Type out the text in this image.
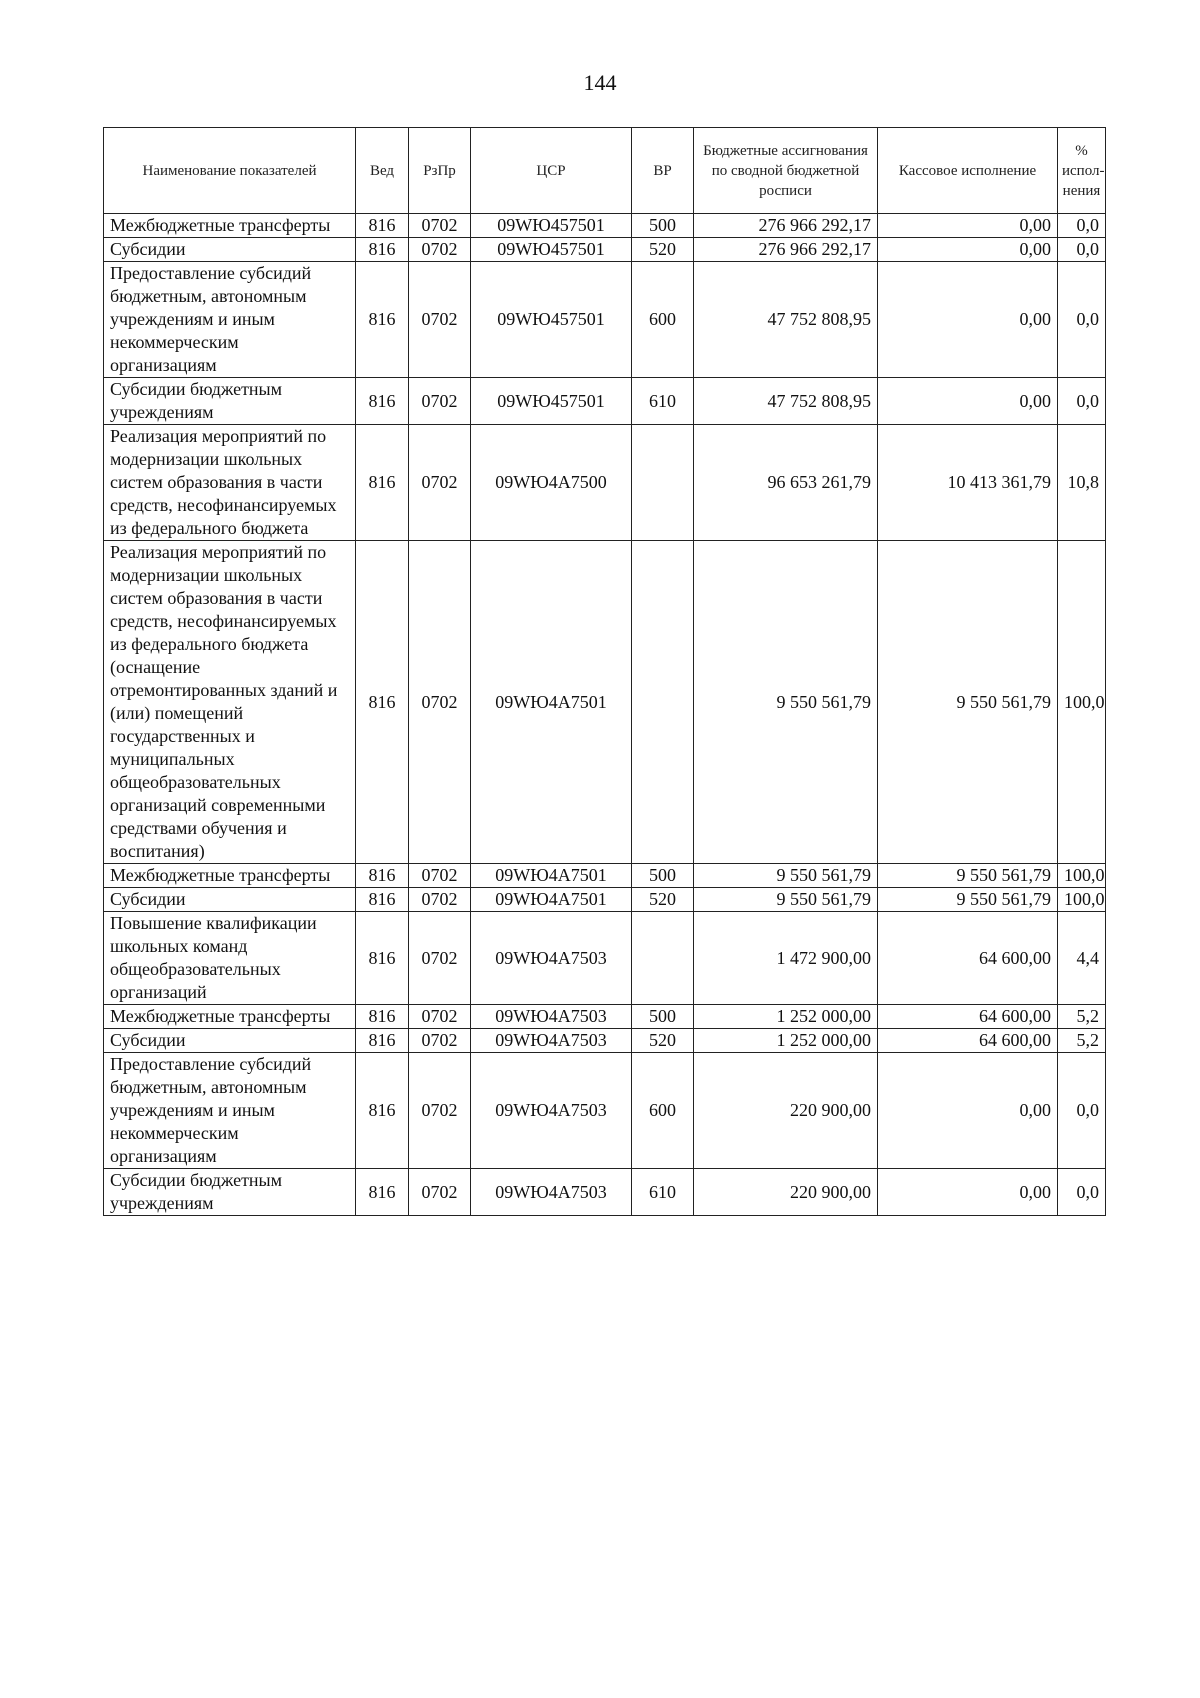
144
Наименование показателей	Вед	РзПр	ЦСР	ВР	Бюджетные ассигнования по сводной бюджетной росписи	Кассовое исполнение	% испол-нения
Межбюджетные трансферты	816	0702	09WЮ457501	500	276 966 292,17	0,00	0,0
Субсидии	816	0702	09WЮ457501	520	276 966 292,17	0,00	0,0
Предоставление субсидий бюджетным, автономным учреждениям и иным некоммерческим организациям	816	0702	09WЮ457501	600	47 752 808,95	0,00	0,0
Субсидии бюджетным учреждениям	816	0702	09WЮ457501	610	47 752 808,95	0,00	0,0
Реализация мероприятий по модернизации школьных систем образования в части средств, несофинансируемых из федерального бюджета	816	0702	09WЮ4А7500		96 653 261,79	10 413 361,79	10,8
Реализация мероприятий по модернизации школьных систем образования в части средств, несофинансируемых из федерального бюджета (оснащение отремонтированных зданий и (или) помещений государственных и муниципальных общеобразовательных организаций современными средствами обучения и воспитания)	816	0702	09WЮ4А7501		9 550 561,79	9 550 561,79	100,0
Межбюджетные трансферты	816	0702	09WЮ4А7501	500	9 550 561,79	9 550 561,79	100,0
Субсидии	816	0702	09WЮ4А7501	520	9 550 561,79	9 550 561,79	100,0
Повышение квалификации школьных команд общеобразовательных организаций	816	0702	09WЮ4А7503		1 472 900,00	64 600,00	4,4
Межбюджетные трансферты	816	0702	09WЮ4А7503	500	1 252 000,00	64 600,00	5,2
Субсидии	816	0702	09WЮ4А7503	520	1 252 000,00	64 600,00	5,2
Предоставление субсидий бюджетным, автономным учреждениям и иным некоммерческим организациям	816	0702	09WЮ4А7503	600	220 900,00	0,00	0,0
Субсидии бюджетным учреждениям	816	0702	09WЮ4А7503	610	220 900,00	0,00	0,0
